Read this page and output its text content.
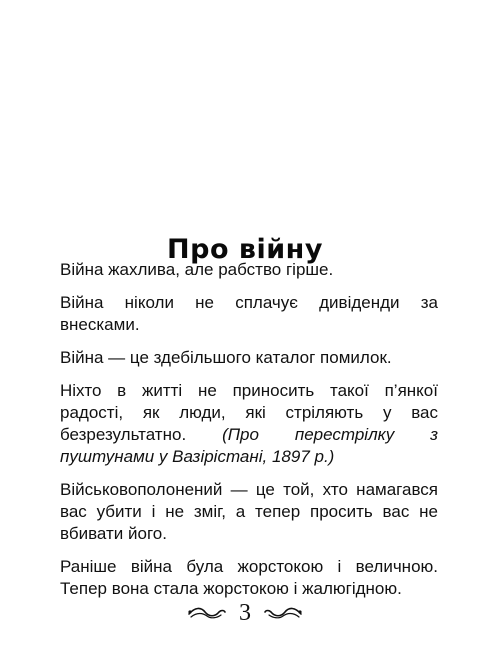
Про війну

Війна жахлива, але рабство гірше.

Війна ніколи не сплачує дивіденди за внесками.

Війна — це здебільшого каталог помилок.

Ніхто в житті не приносить такої п’янкої радості, як люди, які стріляють у вас безрезультатно. (Про перестрілку з пуштунами у Вазірістані, 1897 р.)

Військовополонений — це той, хто намагався вас убити і не зміг, а тепер просить вас не вбивати його.

Раніше війна була жорстокою і величною. Тепер вона стала жорстокою і жалюгідною.

3
